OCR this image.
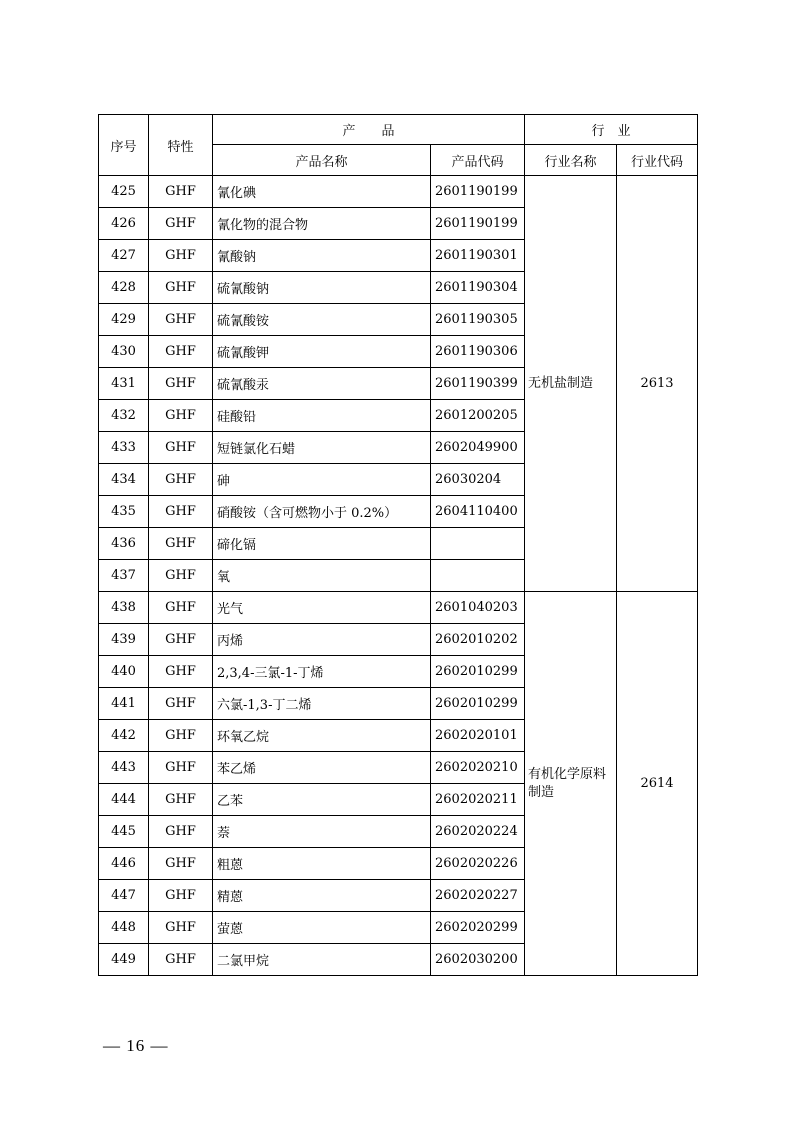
序号	特性	产　　品		行　业	
		产品名称	产品代码	行业名称	行业代码
425	GHF	氰化碘	2601190199	无机盐制造	2613
426	GHF	氰化物的混合物	2601190199		
427	GHF	氰酸钠	2601190301		
428	GHF	硫氰酸钠	2601190304		
429	GHF	硫氰酸铵	2601190305		
430	GHF	硫氰酸钾	2601190306		
431	GHF	硫氰酸汞	2601190399		
432	GHF	硅酸铅	2601200205		
433	GHF	短链氯化石蜡	2602049900		
434	GHF	砷	26030204		
435	GHF	硝酸铵（含可燃物小于 0.2%）	2604110400		
436	GHF	碲化镉			
437	GHF	氧			
438	GHF	光气	2601040203	有机化学原料制造	2614
439	GHF	丙烯	2602010202		
440	GHF	2,3,4-三氯-1-丁烯	2602010299		
441	GHF	六氯-1,3-丁二烯	2602010299		
442	GHF	环氧乙烷	2602020101		
443	GHF	苯乙烯	2602020210		
444	GHF	乙苯	2602020211		
445	GHF	萘	2602020224		
446	GHF	粗蒽	2602020226		
447	GHF	精蒽	2602020227		
448	GHF	萤蒽	2602020299		
449	GHF	二氯甲烷	2602030200		
— 16 —
